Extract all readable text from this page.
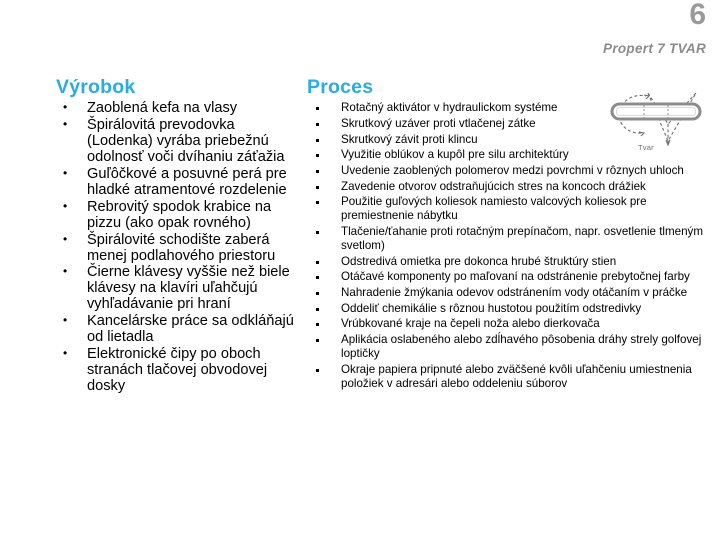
6
Propert 7 TVAR
Výrobok
• Zaoblená kefa na vlasy
• Špirálovitá prevodovka (Lodenka) vyrába priebežnú odolnosť voči dvíhaniu záťažia
• Guľôčkové a posuvné perá pre hladké atramentové rozdelenie
• Rebrovitý spodok krabice na pizzu (ako opak rovného)
• Špirálovité schodište zaberá menej podlahového priestoru
• Čierne klávesy vyššie než biele klávesy na klavíri uľahčujú vyhľadávanie pri hraní
• Kancelárske práce sa odkláňajú od lietadla
• Elektronické čipy po oboch stranách tlačovej obvodovej dosky
Proces
Rotačný aktivátor v hydraulickom systéme
Skrutkový uzáver proti vtlačenej zátke
Skrutkový závit proti klincu
Využitie oblúkov a kupôl pre silu architektúry
Uvedenie zaoblených polomerov medzi povrchmi v rôznych uhloch
Zavedenie otvorov odstraňujúcich stres na koncoch drážiek
Použitie guľových koliesok namiesto valcových koliesok pre premiestnenie nábytku
Tlačenie/ťahanie proti rotačným prepínačom, napr. osvetlenie tlmeným svetlom)
Odstredivá omietka pre dokonca hrubé štruktúry stien
Otáčavé komponenty po maľovaní na odstránenie prebytočnej farby
Nahradenie žmýkania odevov odstránením vody otáčaním v práčke
Oddeliť chemikálie s rôznou hustotou použitím odstredivky
Vrúbkované kraje na čepeli noža alebo dierkovača
Aplikácia oslabeného alebo zdĺhavého pôsobenia dráhy strely golfovej loptičky
Okraje papiera pripnuté alebo zväčšené kvôli uľahčeniu umiestnenia položiek v adresári alebo oddeleniu súborov
Tvar
